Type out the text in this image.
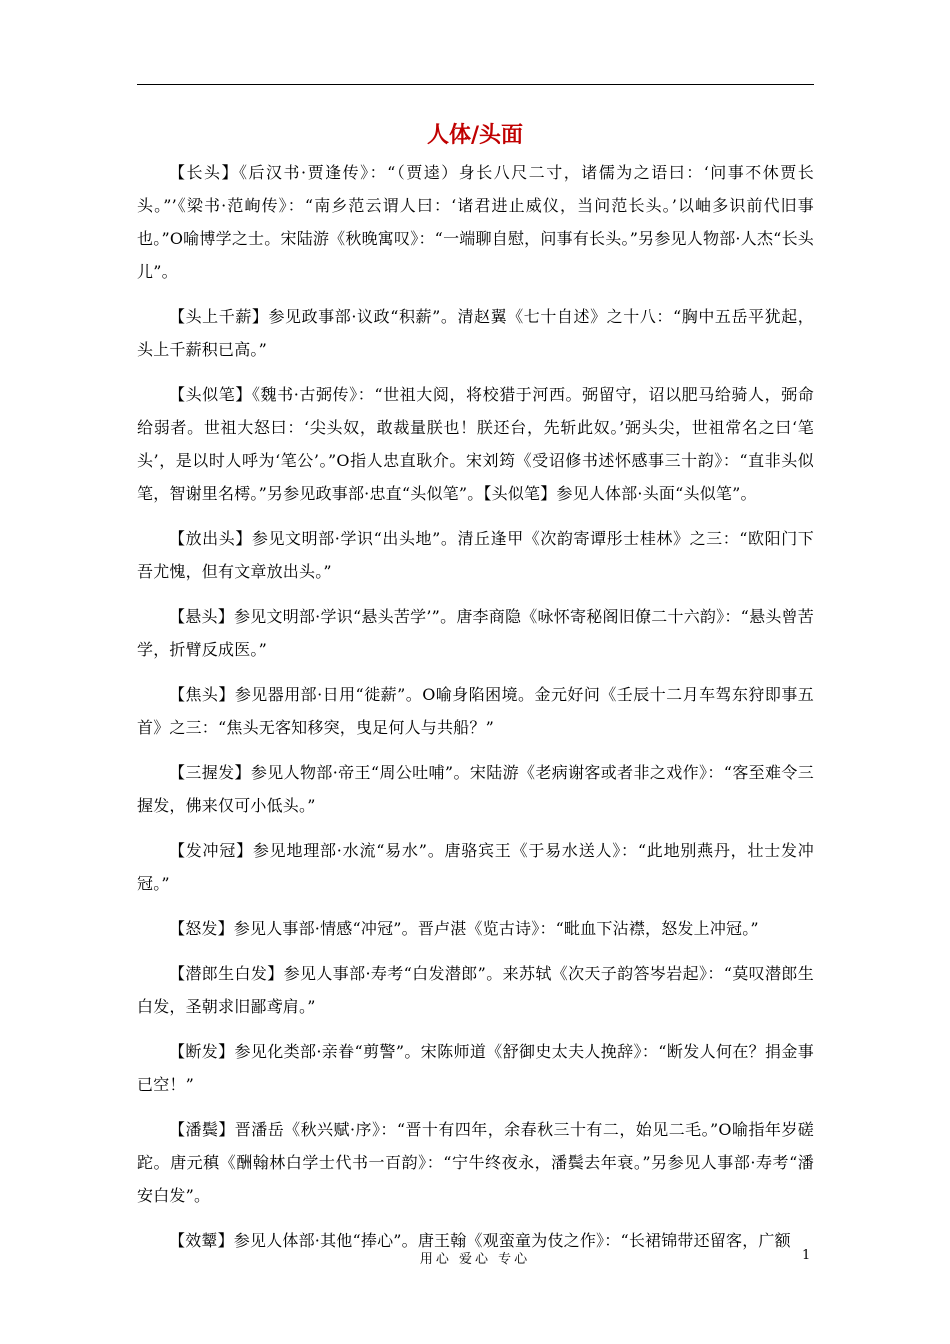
人体/头面

【长头】《后汉书·贾逢传》：“（贾逵）身长八尺二寸，诸儒为之语曰：‘问事不休贾长头。”’《梁书·范峋传》：“南乡范云谓人曰：‘诸君进止威仪，当问范长头。’以岫多识前代旧事也。”O喻博学之士。宋陆游《秋晚寓叹》：“一端聊自慰，问事有长头。”另参见人物部·人杰“长头儿”。

【头上千薪】参见政事部·议政“积薪”。清赵翼《七十自述》之十八：“胸中五岳平犹起，头上千薪积已高。”

【头似笔】《魏书·古弼传》：“世祖大阅，将校猎于河西。弼留守，诏以肥马给骑人，弼命给弱者。世祖大怒曰：‘尖头奴，敢裁量朕也！朕还台，先斩此奴。’弼头尖，世祖常名之曰‘笔头’，是以时人呼为‘笔公’。”O指人忠直耿介。宋刘筠《受诏修书述怀感事三十韵》：“直非头似笔，智谢里名樗。”另参见政事部·忠直“头似笔”。【头似笔】参见人体部·头面“头似笔”。

【放出头】参见文明部·学识“出头地”。清丘逢甲《次韵寄谭彤士桂林》之三：“欧阳门下吾尤愧，但有文章放出头。”

【悬头】参见文明部·学识“悬头苦学’”。唐李商隐《咏怀寄秘阁旧僚二十六韵》：“悬头曾苦学，折臂反成医。”

【焦头】参见器用部·日用“徙薪”。O喻身陷困境。金元好问《壬辰十二月车驾东狩即事五首》之三：“焦头无客知移突，曳足何人与共船？”

【三握发】参见人物部·帝王“周公吐哺”。宋陆游《老病谢客或者非之戏作》：“客至难令三握发，佛来仅可小低头。”

【发冲冠】参见地理部·水流“易水”。唐骆宾王《于易水送人》：“此地别燕丹，壮士发冲冠。”

【怒发】参见人事部·情感“冲冠”。晋卢湛《览古诗》：“毗血下沾襟，怒发上冲冠。”

【潜郎生白发】参见人事部·寿考“白发潜郎”。来苏轼《次天子韵答岑岩起》：“莫叹潜郎生白发，圣朝求旧鄙鸢肩。”

【断发】参见化类部·亲眷“剪警”。宋陈师道《舒御史太夫人挽辞》：“断发人何在？捐金事已空！”

【潘鬓】晋潘岳《秋兴赋·序》：“晋十有四年，余春秋三十有二，始见二毛。”O喻指年岁磋跎。唐元稹《酬翰林白学士代书一百韵》：“宁牛终夜永，潘鬓去年衰。”另参见人事部·寿考“潘安白发”。

【效颦】参见人体部·其他“捧心”。唐王翰《观蛮童为伎之作》：“长裙锦带还留客，广额

用心 爱心 专心	1
